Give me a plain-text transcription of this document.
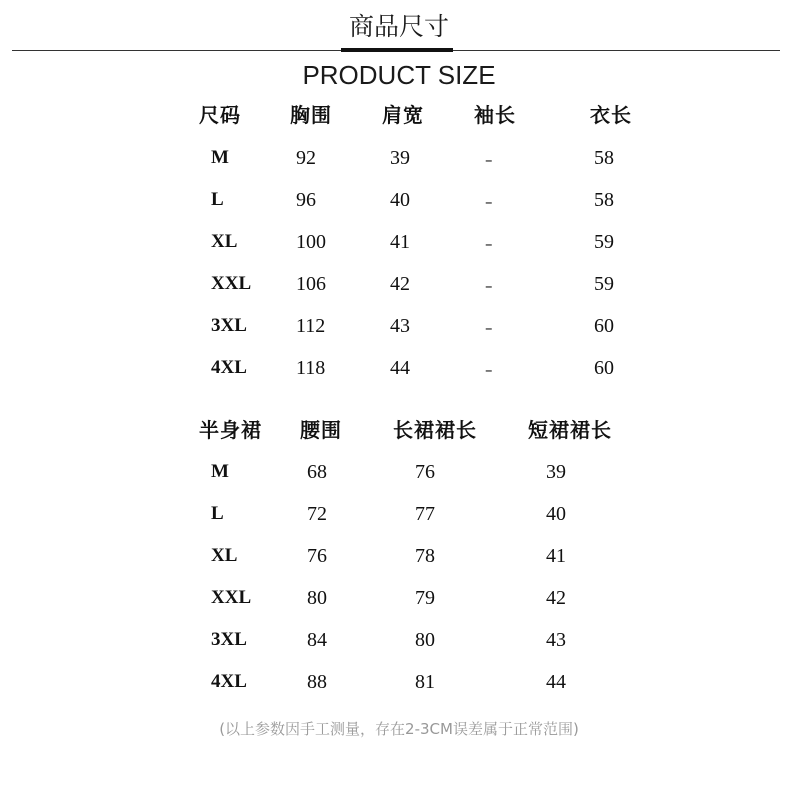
商品尺寸
PRODUCT SIZE
尺码 胸围	肩宽	袖长	衣长
M	92	39	–	58
L	96	40	–	58
XL	100	41	–	59
XXL 106	42	–	59
3XL 112	43	–	60
4XL 118	44	–	60
半身裙 腰围	长裙裙长	短裙裙长
M	68	76	39
L	72	77	40
XL	76	78	41
XXL	80	79	42
3XL	84	80	43
4XL	88	81	44
(以上参数因手工测量，存在2-3CM误差属于正常范围)
